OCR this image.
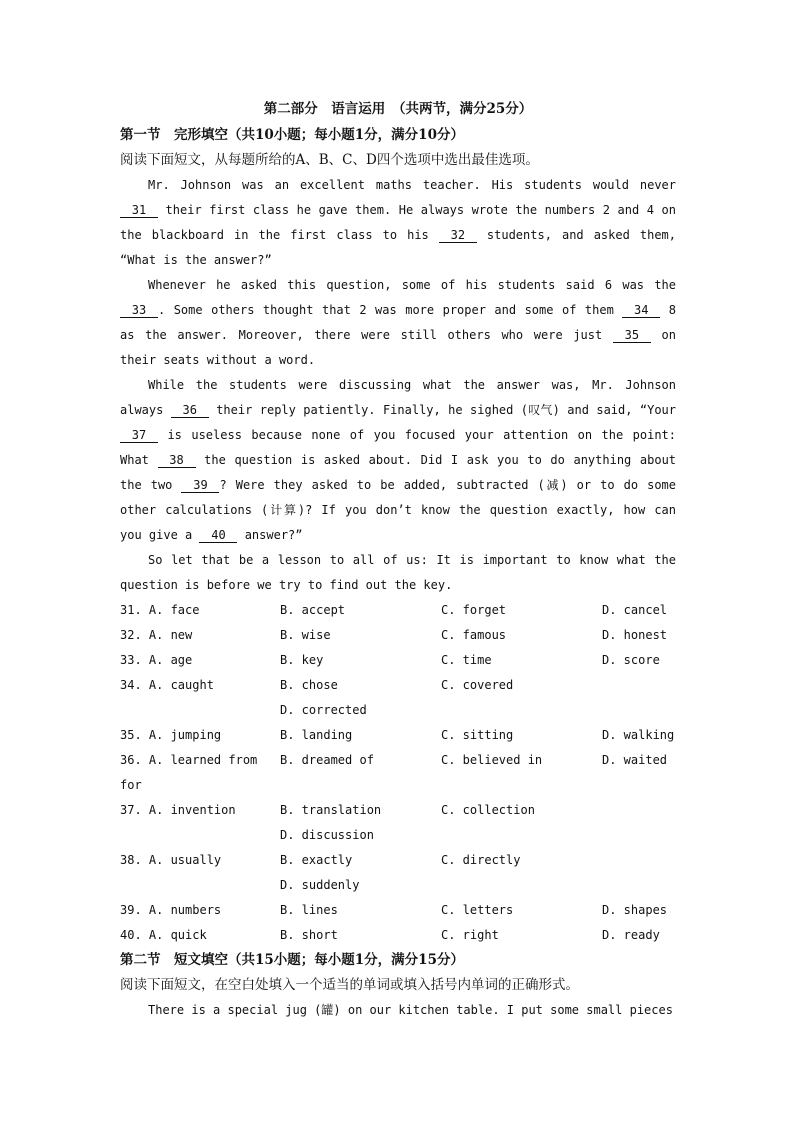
第二部分　语言运用　（共两节，满分25分）
第一节　完形填空（共10小题；每小题1分，满分10分）
阅读下面短文，从每题所给的A、B、C、D四个选项中选出最佳选项。

Mr. Johnson was an excellent maths teacher. His students would never 31 their first class he gave them. He always wrote the numbers 2 and 4 on the blackboard in the first class to his 32 students, and asked them, “What is the answer?”

Whenever he asked this question, some of his students said 6 was the 33 . Some others thought that 2 was more proper and some of them 34 8 as the answer. Moreover, there were still others who were just 35 on their seats without a word.

While the students were discussing what the answer was, Mr. Johnson always 36 their reply patiently. Finally, he sighed (叹气) and said, “Your 37 is useless because none of you focused your attention on the point: What 38 the question is asked about. Did I ask you to do anything about the two 39 ? Were they asked to be added, subtracted (减) or to do some other calculations (计算)? If you don’t know the question exactly, how can you give a 40 answer?”

So let that be a lesson to all of us: It is important to know what the question is before we try to find out the key.

31. A. face	B. accept	C. forget	D. cancel
32. A. new	B. wise	C. famous	D. honest
33. A. age	B. key	C. time	D. score
34. A. caught	B. chose	C. covered
D. corrected
35. A. jumping	B. landing	C. sitting	D. walking
36. A. learned from B. dreamed of	C. believed in	D. waited
for
37. A. invention	B. translation	C. collection
D. discussion
38. A. usually	B. exactly	C. directly
D. suddenly
39. A. numbers	B. lines	C. letters	D. shapes
40. A. quick	B. short	C. right	D. ready
第二节　短文填空（共15小题；每小题1分，满分15分）
阅读下面短文，在空白处填入一个适当的单词或填入括号内单词的正确形式。

There is a special jug (罐) on our kitchen table. I put some small pieces
